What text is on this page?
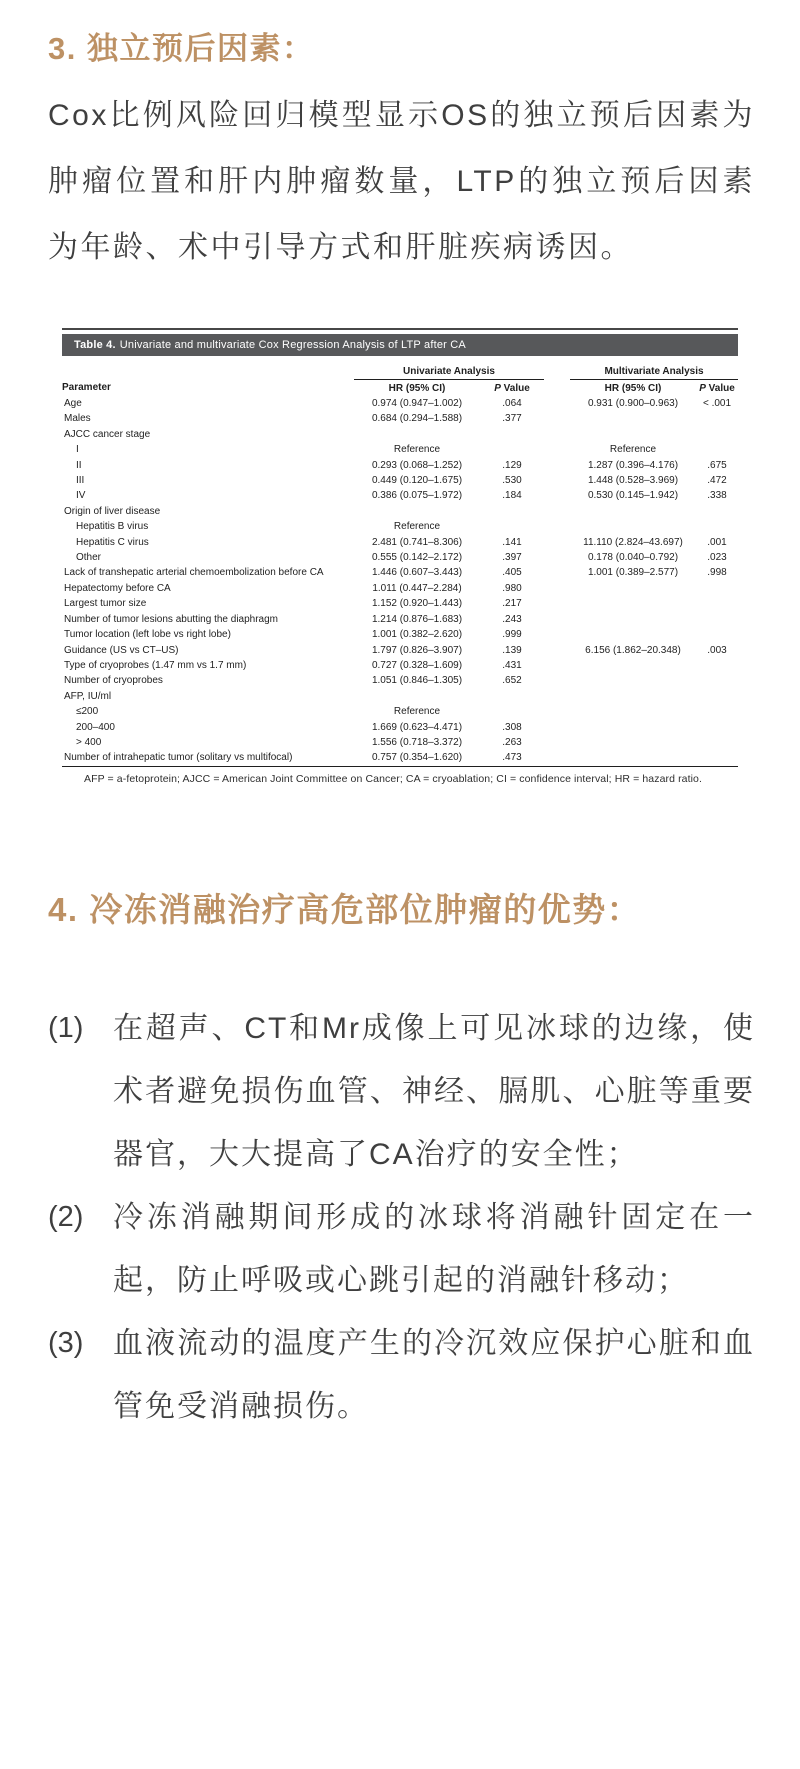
3. 独立预后因素：

Cox比例风险回归模型显示OS的独立预后因素为肿瘤位置和肝内肿瘤数量，LTP的独立预后因素为年龄、术中引导方式和肝脏疾病诱因。

Table 4. Univariate and multivariate Cox Regression Analysis of LTP after CA
Parameter	Univariate Analysis			Multivariate Analysis	
	HR (95% CI)	P Value		HR (95% CI)	P Value
Age	0.974 (0.947–1.002)	.064		0.931 (0.900–0.963)	< .001
Males	0.684 (0.294–1.588)	.377			
AJCC cancer stage					
I	Reference			Reference	
II	0.293 (0.068–1.252)	.129		1.287 (0.396–4.176)	.675
III	0.449 (0.120–1.675)	.530		1.448 (0.528–3.969)	.472
IV	0.386 (0.075–1.972)	.184		0.530 (0.145–1.942)	.338
Origin of liver disease					
Hepatitis B virus	Reference				
Hepatitis C virus	2.481 (0.741–8.306)	.141		11.110 (2.824–43.697)	.001
Other	0.555 (0.142–2.172)	.397		0.178 (0.040–0.792)	.023
Lack of transhepatic arterial chemoembolization before CA	1.446 (0.607–3.443)	.405		1.001 (0.389–2.577)	.998
Hepatectomy before CA	1.011 (0.447–2.284)	.980			
Largest tumor size	1.152 (0.920–1.443)	.217			
Number of tumor lesions abutting the diaphragm	1.214 (0.876–1.683)	.243			
Tumor location (left lobe vs right lobe)	1.001 (0.382–2.620)	.999			
Guidance (US vs CT–US)	1.797 (0.826–3.907)	.139		6.156 (1.862–20.348)	.003
Type of cryoprobes (1.47 mm vs 1.7 mm)	0.727 (0.328–1.609)	.431			
Number of cryoprobes	1.051 (0.846–1.305)	.652			
AFP, IU/ml					
≤200	Reference				
200–400	1.669 (0.623–4.471)	.308			
> 400	1.556 (0.718–3.372)	.263			
Number of intrahepatic tumor (solitary vs multifocal)	0.757 (0.354–1.620)	.473			
AFP = a-fetoprotein; AJCC = American Joint Committee on Cancer; CA = cryoablation; CI = confidence interval; HR = hazard ratio.
4. 冷冻消融治疗高危部位肿瘤的优势：
(1) 在超声、CT和Mr成像上可见冰球的边缘，使术者避免损伤血管、神经、膈肌、心脏等重要器官，大大提高了CA治疗的安全性；
(2) 冷冻消融期间形成的冰球将消融针固定在一起，防止呼吸或心跳引起的消融针移动；
(3) 血液流动的温度产生的冷沉效应保护心脏和血管免受消融损伤。
